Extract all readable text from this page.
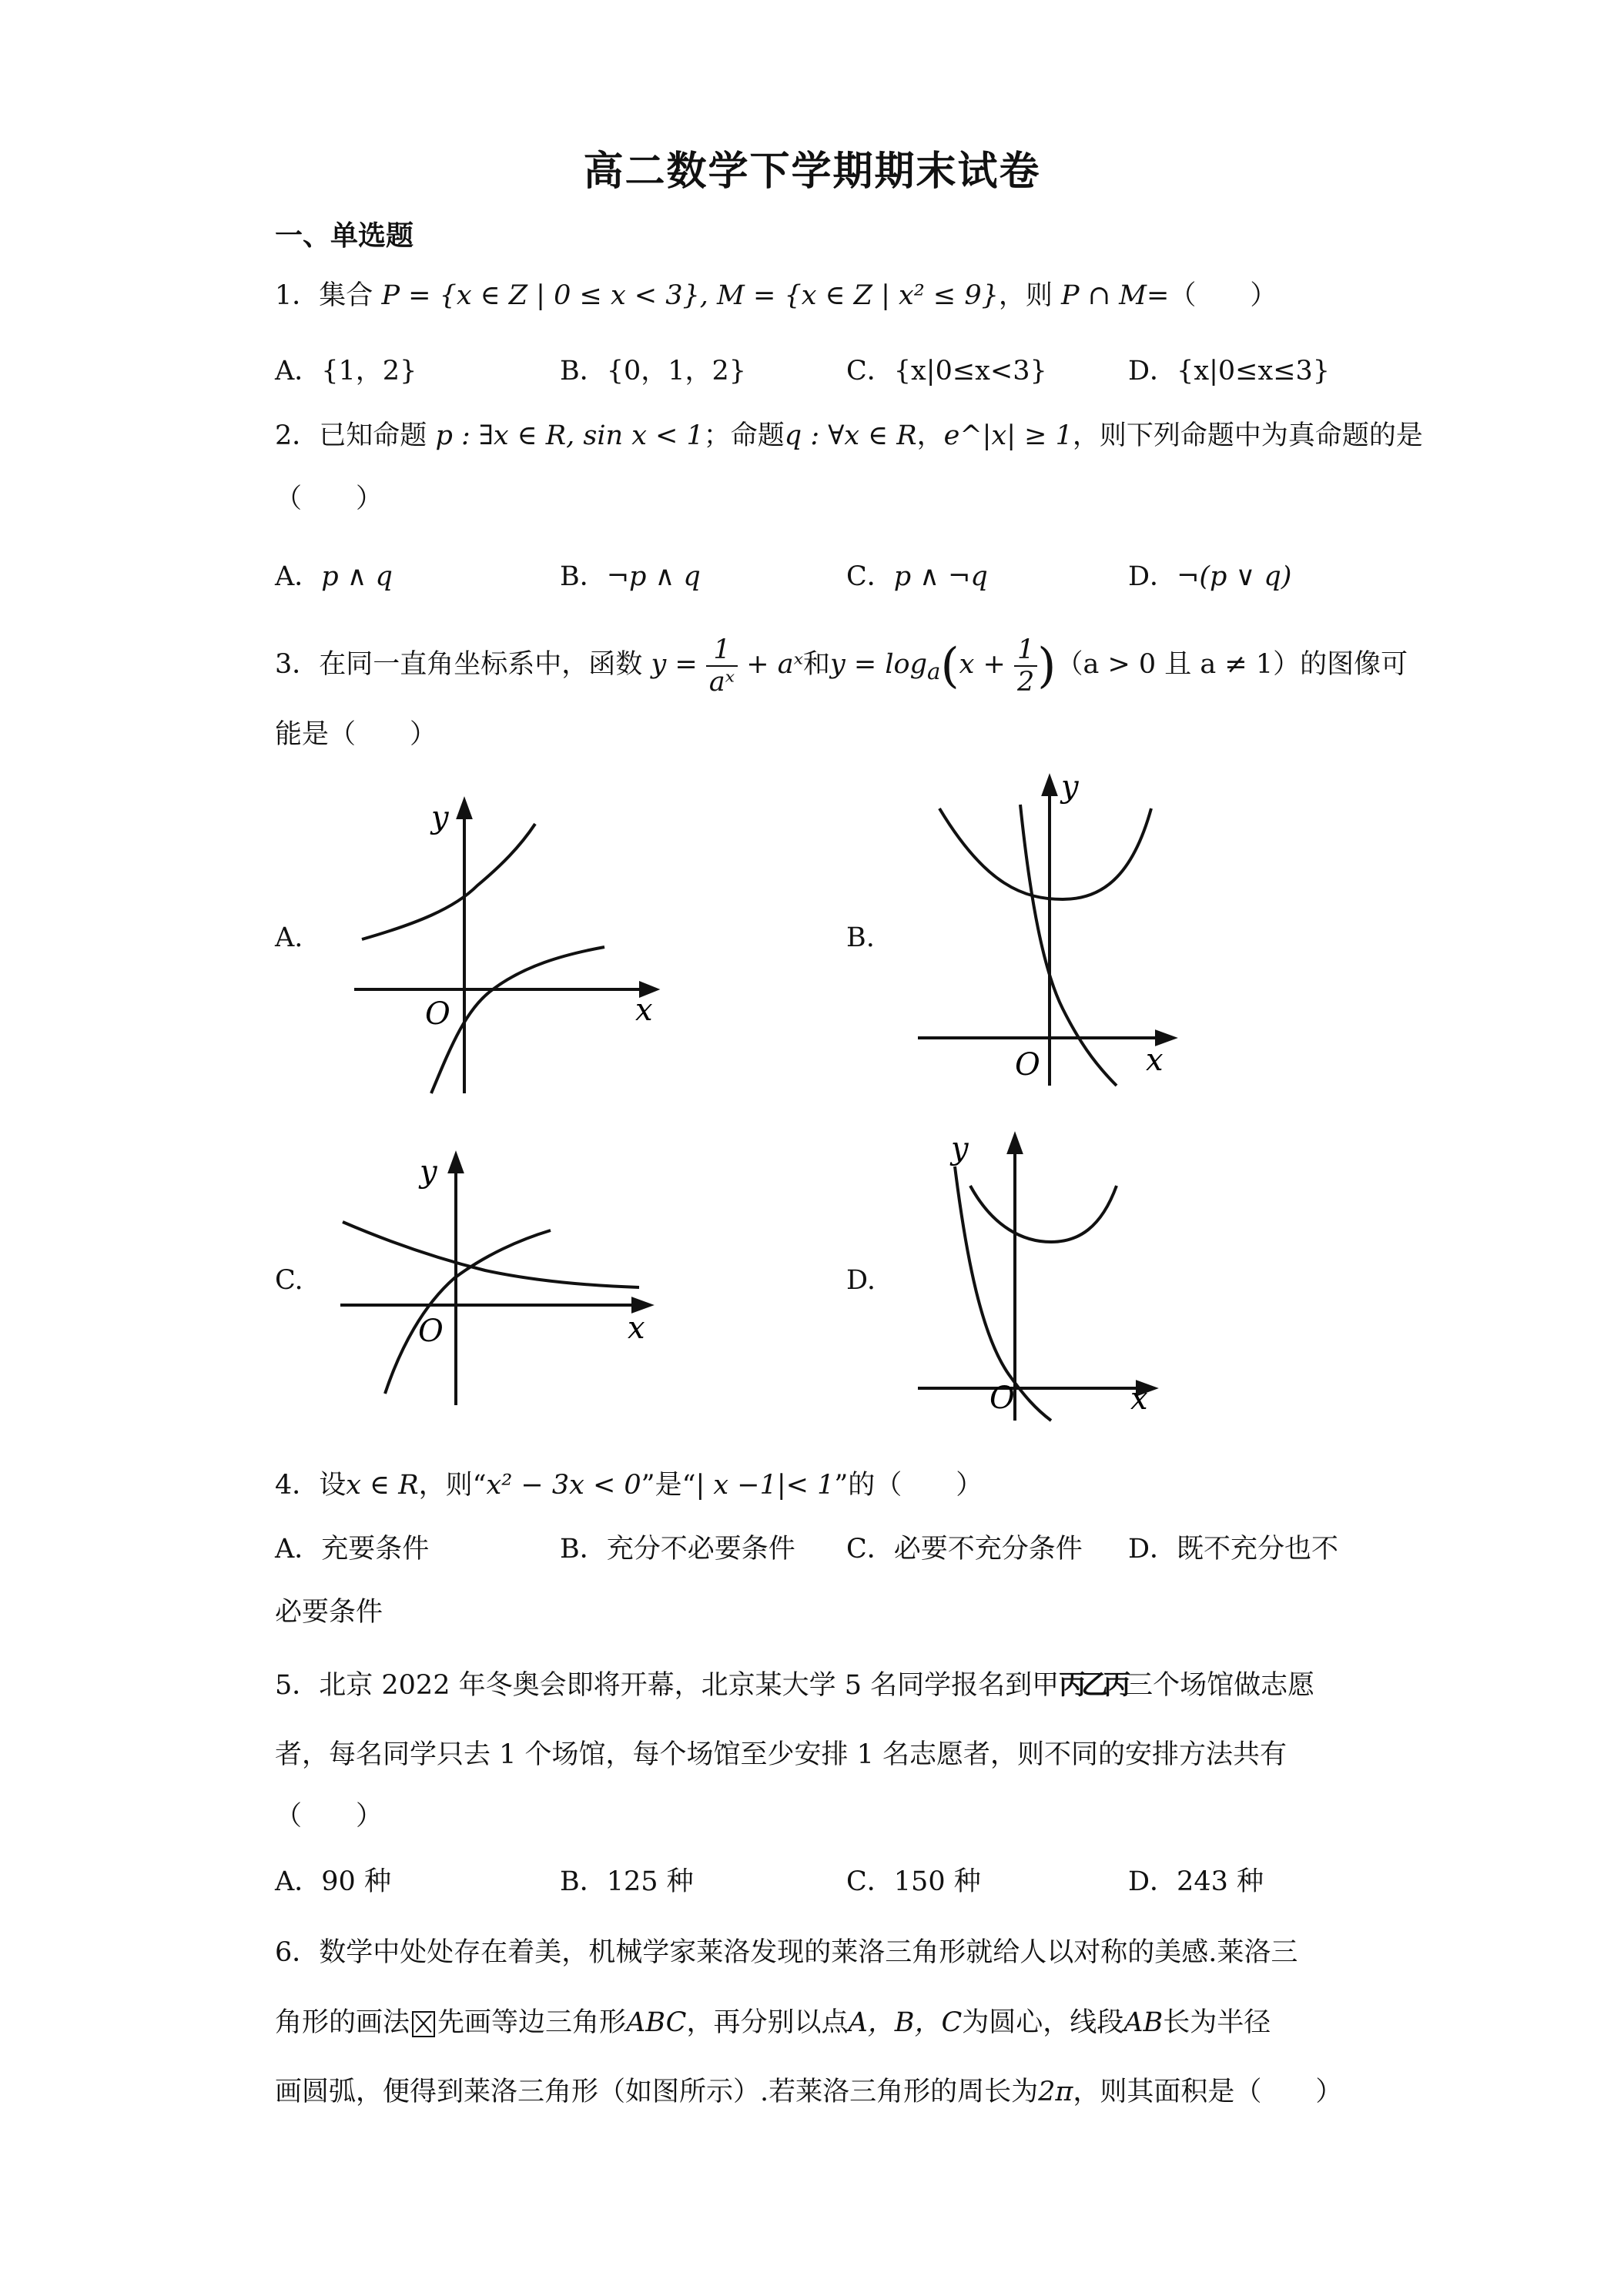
高二数学下学期期末试卷
一、单选题
1．集合 P = {x ∈ Z | 0 ≤ x < 3}, M = {x ∈ Z | x² ≤ 9}，则 P ∩ M=（　　）
A．{1，2}	B．{0，1，2}	C．{x|0≤x<3}	D．{x|0≤x≤3}
2．已知命题 p : ∃x ∈ R, sin x < 1；命题q : ∀x ∈ R，e^|x| ≥ 1，则下列命题中为真命题的是
（　　）
A．p ∧ q	B．¬p ∧ q	C．p ∧ ¬q	D．¬(p ∨ q)
3．在同一直角坐标系中，函数 $y = \frac{1}{\text{aˣ}}$ + aˣ和$y = \log_a(x + \frac{1}{2} )(a > 0$ 且 a ≠ 1）的图像可
能是（　　）
A.	B.
C.	D.
y
x
O
y
x
O
y
x
O
y
x
O
4．设x ∈ R，则“x² − 3x < 0”是“| x −1|< 1”的（　　）
A．充要条件	B．充分不必要条件 C．必要不充分条件 D．既不充分也不
必要条件
5．北京 2022 年冬奥会即将开幕，北京某大学 5 名同学报名到甲丙乙丙三个场馆做志愿
者，每名同学只去 1 个场馆，每个场馆至少安排 1 名志愿者，则不同的安排方法共有
（　　）
A．90 种	B．125 种	C．150 种	D．243 种
6．数学中处处存在着美，机械学家莱洛发现的莱洛三角形就给人以对称的美感.莱洛三
角形的画法 先画等边三角形ABC，再分别以点A，B，C为圆心，线段AB长为半径
画圆弧，便得到莱洛三角形（如图所示）.若莱洛三角形的周长为2π，则其面积是（　　）
